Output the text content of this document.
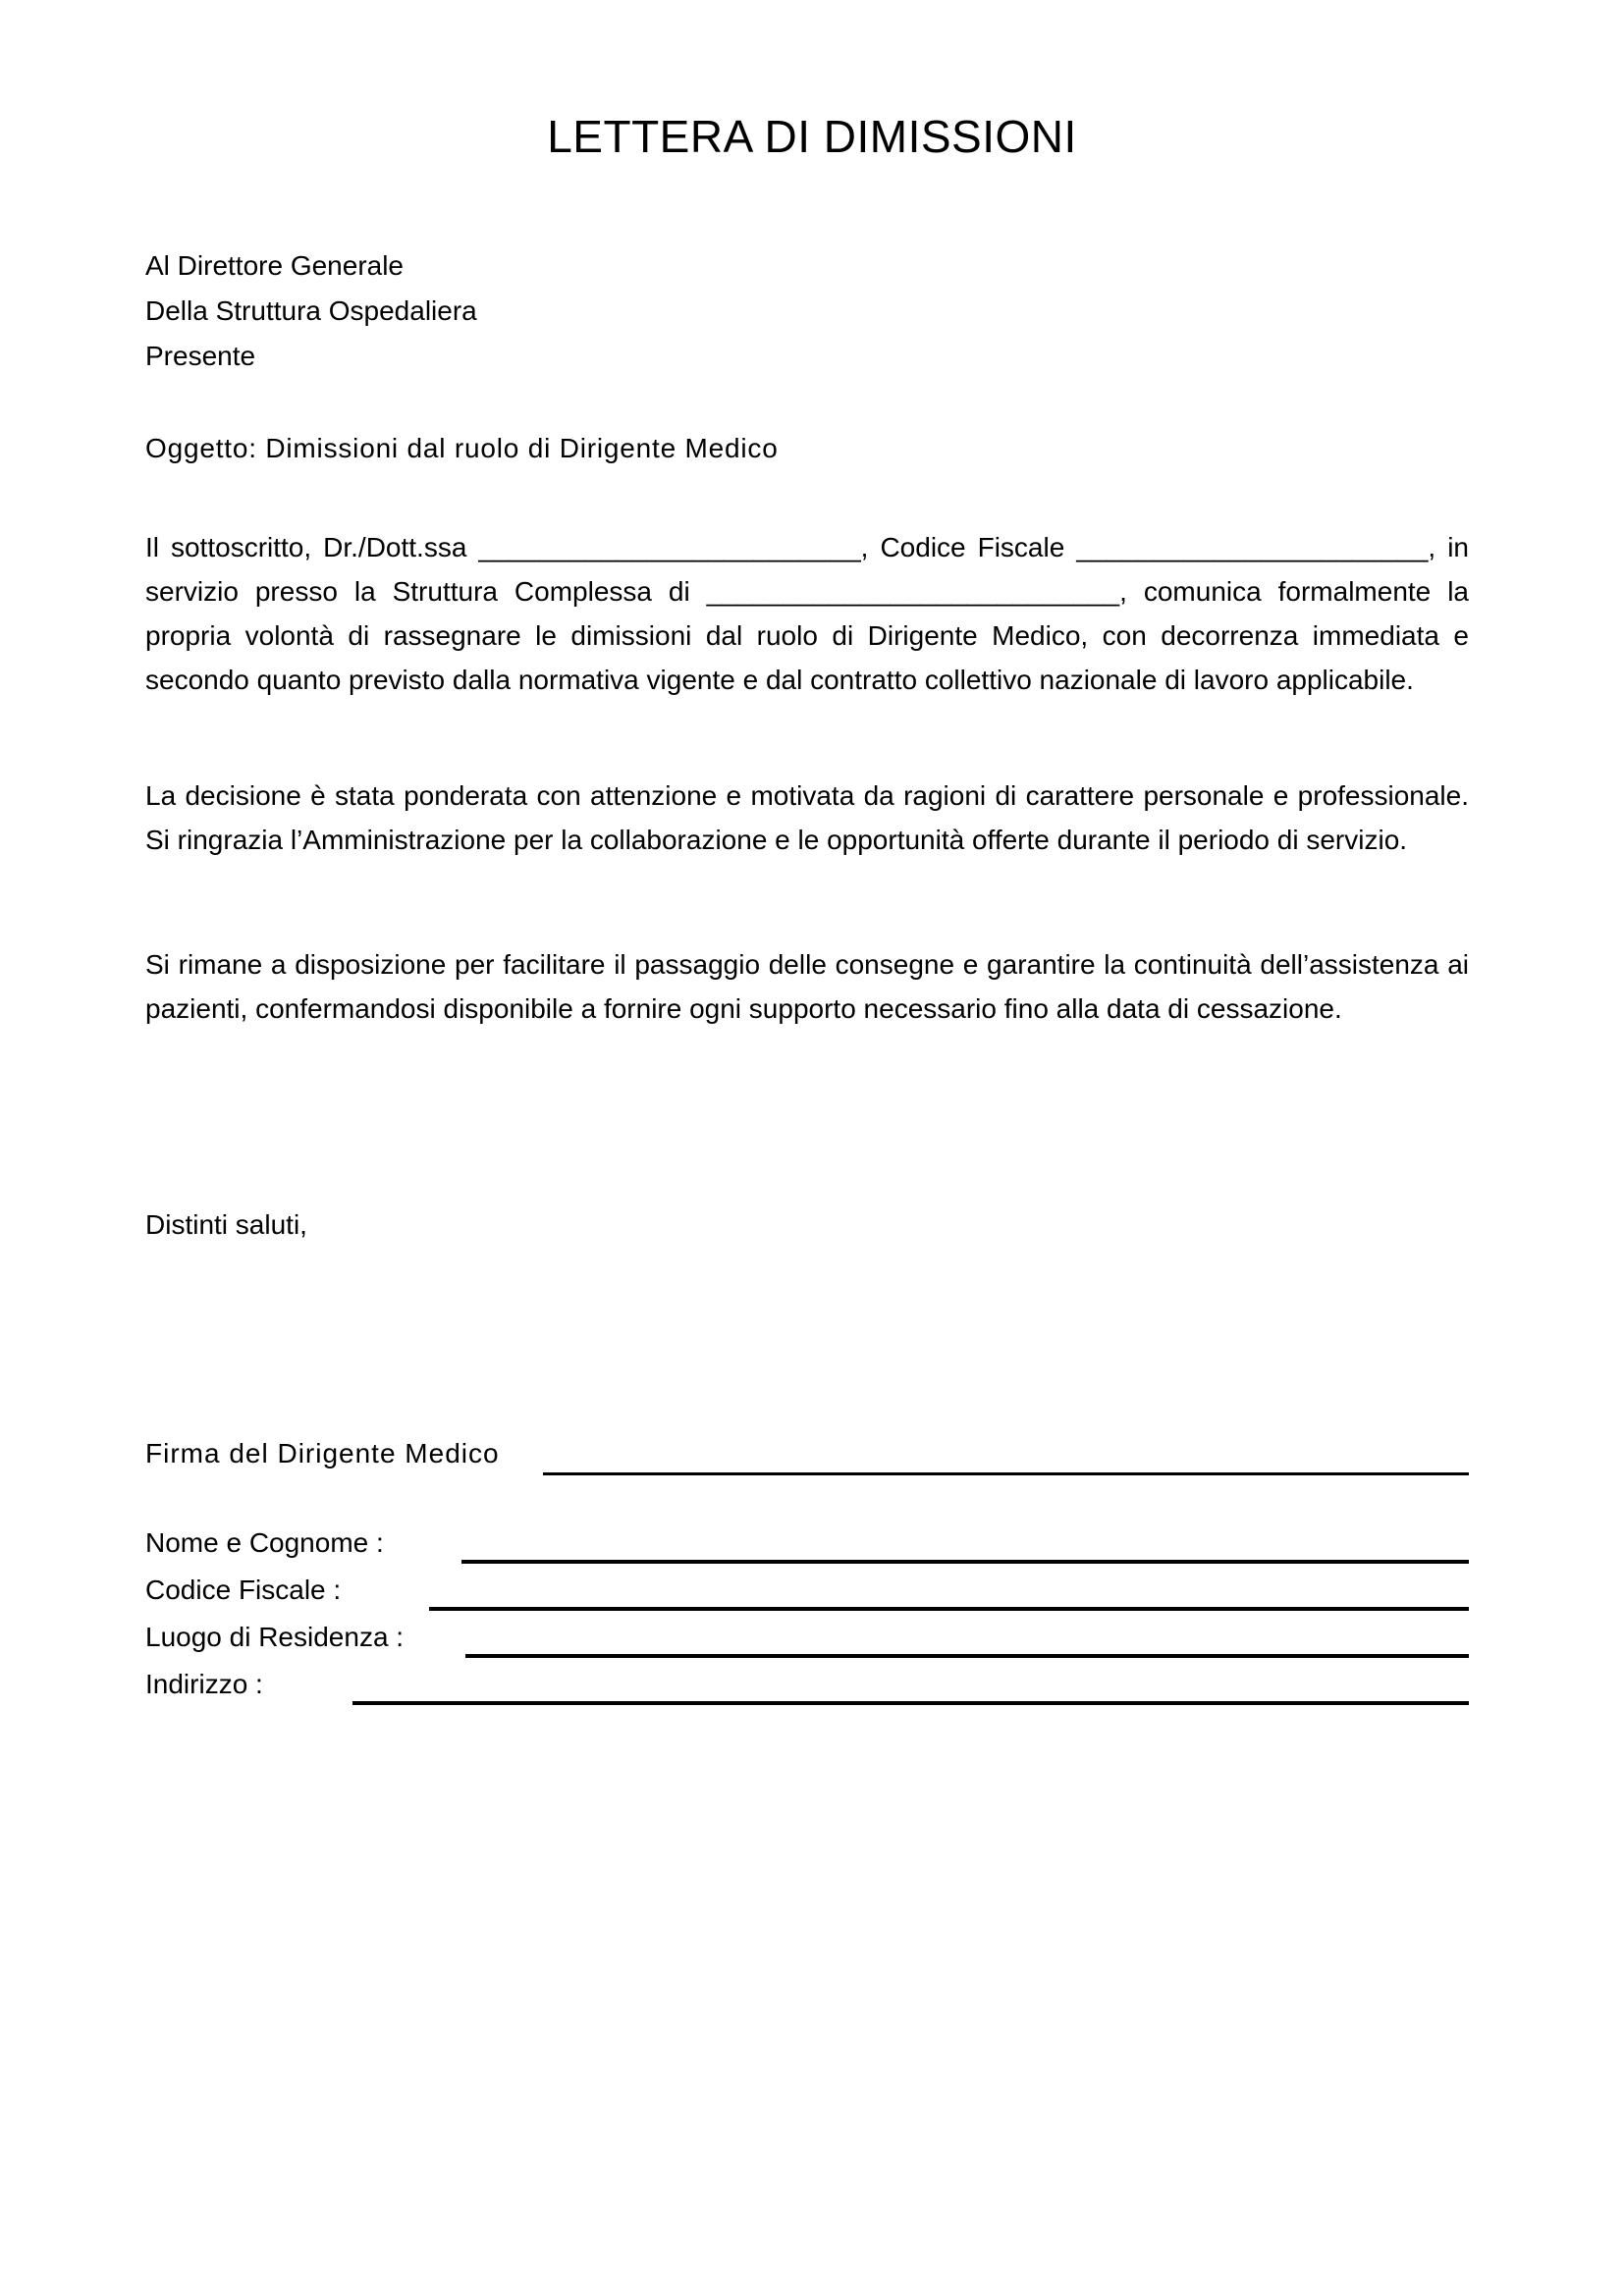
LETTERA DI DIMISSIONI
Al Direttore Generale
Della Struttura Ospedaliera
Presente

Oggetto: Dimissioni dal ruolo di Dirigente Medico

Il sottoscritto, Dr./Dott.ssa _________________________, Codice Fiscale _______________________, in servizio presso la Struttura Complessa di ___________________________, comunica formalmente la propria volontà di rassegnare le dimissioni dal ruolo di Dirigente Medico, con decorrenza immediata e secondo quanto previsto dalla normativa vigente e dal contratto collettivo nazionale di lavoro applicabile.

La decisione è stata ponderata con attenzione e motivata da ragioni di carattere personale e professionale. Si ringrazia l’Amministrazione per la collaborazione e le opportunità offerte durante il periodo di servizio.

Si rimane a disposizione per facilitare il passaggio delle consegne e garantire la continuità dell’assistenza ai pazienti, confermandosi disponibile a fornire ogni supporto necessario fino alla data di cessazione.

Distinti saluti,

Firma del Dirigente Medico
Nome e Cognome :
Codice Fiscale :
Luogo di Residenza :
Indirizzo :
